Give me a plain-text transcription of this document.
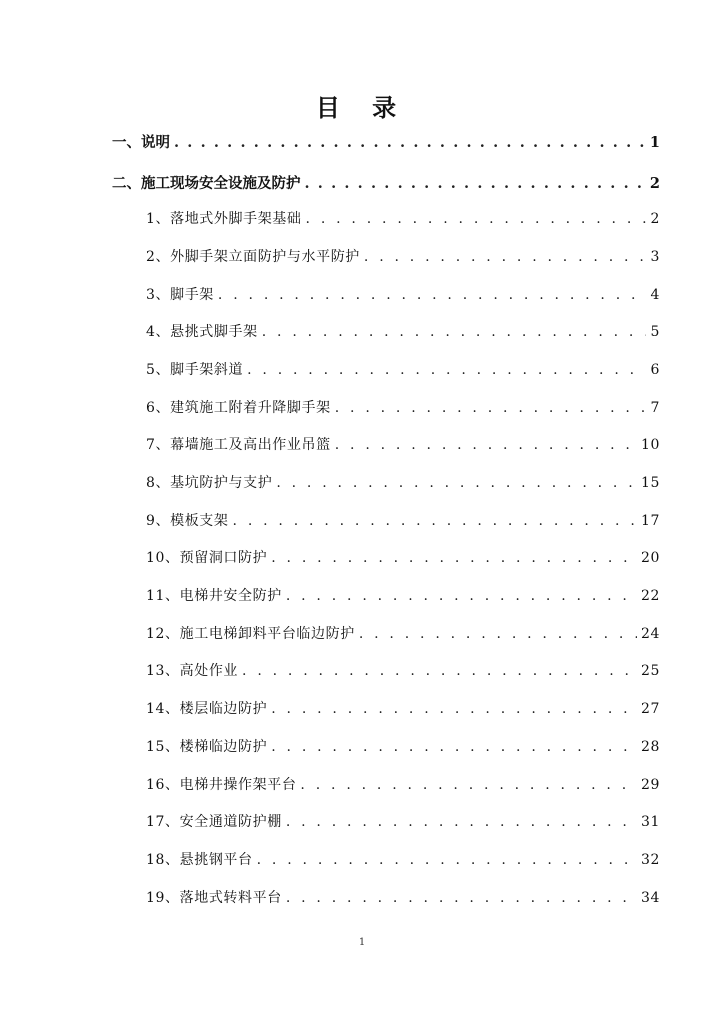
目 录
一、说明 . . .	1
二、施工现场安全设施及防护 . . .	2
1、落地式外脚手架基础 . . .	2
2、外脚手架立面防护与水平防护 . . .	3
3、脚手架 . . .	4
4、悬挑式脚手架 . . .	5
5、脚手架斜道 . . .	6
6、建筑施工附着升降脚手架 . . .	7
7、幕墙施工及高出作业吊篮 . . .	10
8、基坑防护与支护 . . .	15
9、模板支架 . . .	17
10、预留洞口防护 . . .	20
11、电梯井安全防护 . . .	22
12、施工电梯卸料平台临边防护 . . .	24
13、高处作业 . . .	25
14、楼层临边防护 . . .	27
15、楼梯临边防护 . . .	28
16、电梯井操作架平台 . . .	29
17、安全通道防护棚 . . .	31
18、悬挑钢平台 . . .	32
19、落地式转料平台 . . .	34
1
